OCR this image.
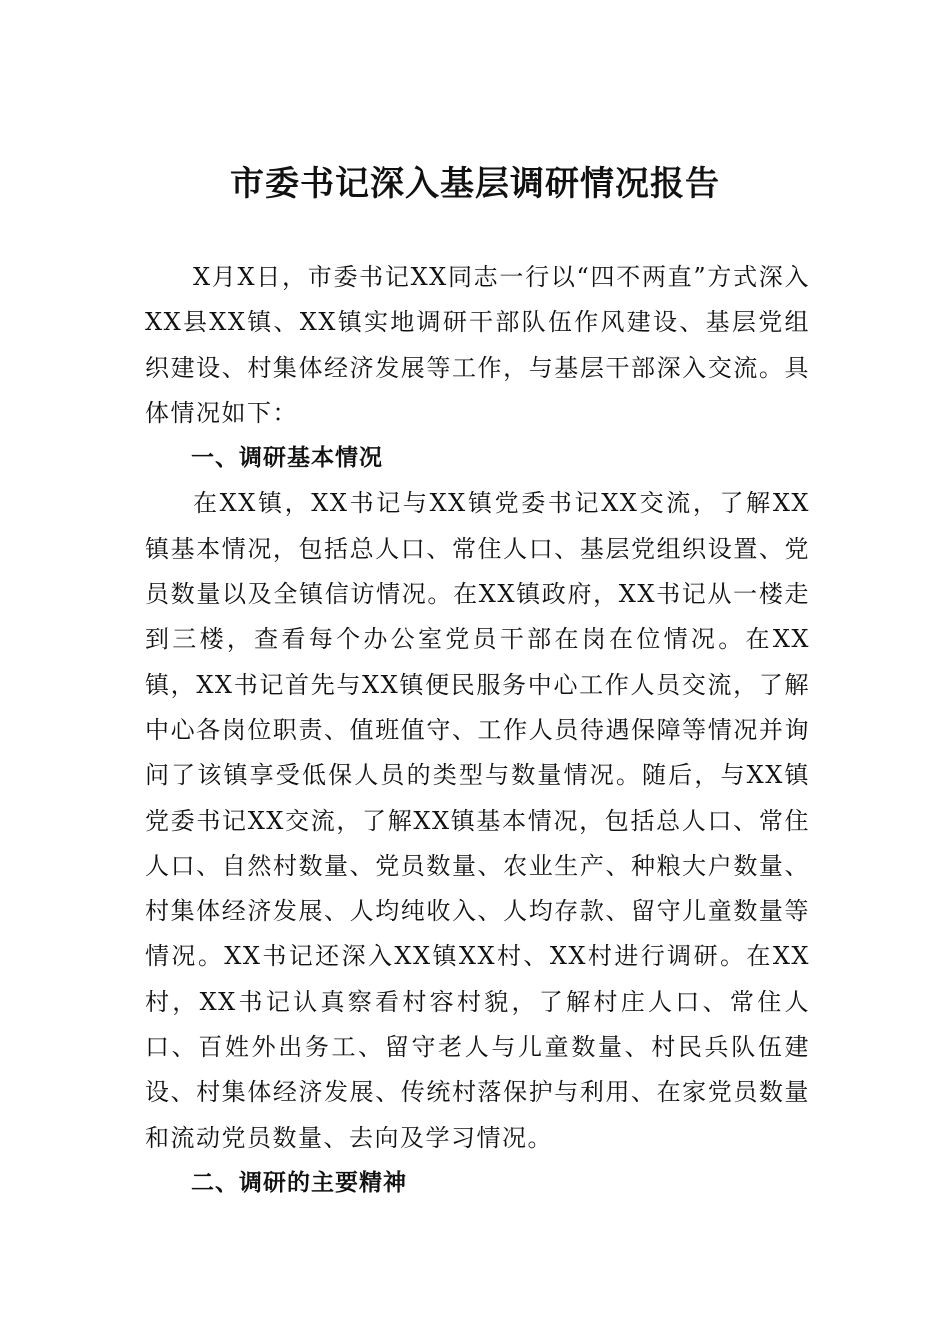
市委书记深入基层调研情况报告

X月X日，市委书记XX同志一行以“四不两直”方式深入XX县XX镇、XX镇实地调研干部队伍作风建设、基层党组织建设、村集体经济发展等工作，与基层干部深入交流。具体情况如下：

一、调研基本情况

在XX镇，XX书记与XX镇党委书记XX交流，了解XX镇基本情况，包括总人口、常住人口、基层党组织设置、党员数量以及全镇信访情况。在XX镇政府，XX书记从一楼走到三楼，查看每个办公室党员干部在岗在位情况。在XX镇，XX书记首先与XX镇便民服务中心工作人员交流，了解中心各岗位职责、值班值守、工作人员待遇保障等情况并询问了该镇享受低保人员的类型与数量情况。随后，与XX镇党委书记XX交流，了解XX镇基本情况，包括总人口、常住人口、自然村数量、党员数量、农业生产、种粮大户数量、村集体经济发展、人均纯收入、人均存款、留守儿童数量等情况。XX书记还深入XX镇XX村、XX村进行调研。在XX村，XX书记认真察看村容村貌，了解村庄人口、常住人口、百姓外出务工、留守老人与儿童数量、村民兵队伍建设、村集体经济发展、传统村落保护与利用、在家党员数量和流动党员数量、去向及学习情况。

二、调研的主要精神
